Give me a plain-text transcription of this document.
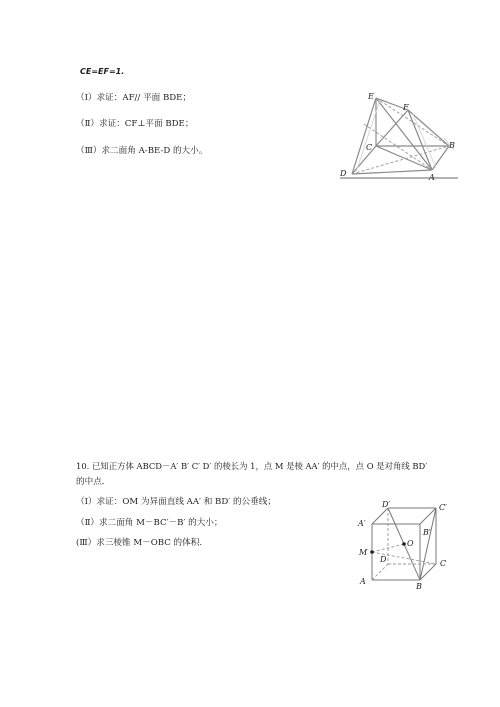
CE=EF=1.
（Ⅰ）求证：AF// 平面 BDE；
（Ⅱ）求证：CF⊥平面 BDE；
（Ⅲ）求二面角 A-BE-D 的大小。
E
F
C	B
D	A
10. 已知正方体 ABCD－A′ B′ C′ D′ 的棱长为 1，点 M 是棱 AA′ 的中点，点 O 是对角线 BD′
的中点．
（Ⅰ）求证：OM 为异面直线 AA′ 和 BD′ 的公垂线；
（Ⅱ）求二面角 M－BC′－B′ 的大小；
(Ⅲ）求三棱锥 M－OBC 的体积.
D′	C′
A′
B′
M
O
D	C
A
B
